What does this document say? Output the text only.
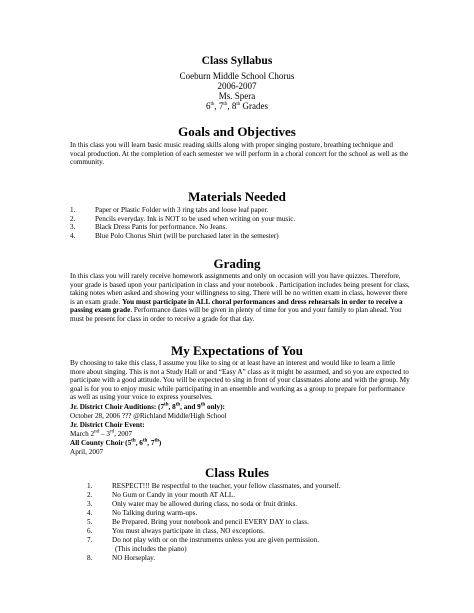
Class Syllabus
Coeburn Middle School Chorus
2006-2007
Ms. Spera
6th, 7th, 8th Grades
Goals and Objectives
In this class you will learn basic music reading skills along with proper singing posture, breathing technique and vocal production. At the completion of each semester we will perform in a choral concert for the school as well as the community.
Materials Needed
1.	Paper or Plastic Folder with 3 ring tabs and loose leaf paper.
2.	Pencils everyday. Ink is NOT to be used when writing on your music.
3.	Black Dress Pants for performance. No Jeans.
4.	Blue Polo Chorus Shirt (will be purchased later in the semester)
Grading
In this class you will rarely receive homework assignments and only on occasion will you have quizzes. Therefore, your grade is based upon your participation in class and your notebook . Participation includes being present for class, taking notes when asked and showing your willingness to sing. There will be no written exam in class, however there is an exam grade. You must participate in ALL choral performances and dress rehearsals in order to receive a passing exam grade. Performance dates will be given in plenty of time for you and your family to plan ahead. You must be present for class in order to receive a grade for that day.
My Expectations of You
By choosing to take this class, I assume you like to sing or at least have an interest and would like to learn a little more about singing. This is not a Study Hall or and “Easy A” class as it might be assumed, and so you are expected to participate with a good attitude. You will be expected to sing in front of your classmates alone and with the group. My goal is for you to enjoy music while participating in an ensemble and working as a group to prepare for performance as well as using your voice to express yourselves.
Jr. District Choir Auditions: (7th, 8th, and 9th only):
October 28, 2006 ??? @Richland Middle/High School
Jr. District Choir Event:
March 2nd – 3rd, 2007
All County Choir (5th, 6th, 7th)
April, 2007
Class Rules
1.	RESPECT!!! Be respectful to the teacher, your fellow classmates, and yourself.
2.	No Gum or Candy in your mouth AT ALL.
3.	Only water may be allowed during class, no soda or fruit drinks.
4.	No Talking during warm-ups.
5.	Be Prepared. Bring your notebook and pencil EVERY DAY to class.
6.	You must always participate in class, NO exceptions.
7.	Do not play with or on the instruments unless you are given permission.
(This includes the piano)
8.	NO Horseplay.
